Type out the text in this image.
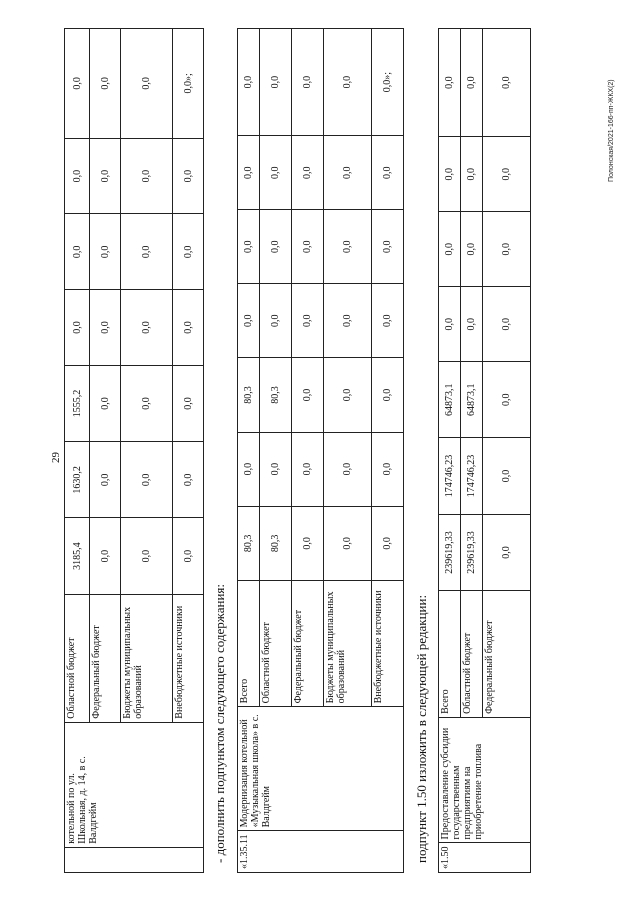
Полонская/2021-166-пп-ЖКХ(2)
29
	котельной по ул. Школьная, д. 14, в с. Валдгейм	Областной бюджет	3185,4	1630,2	1555,2	0,0	0,0	0,0	0,0
		Федеральный бюджет	0,0	0,0	0,0	0,0	0,0	0,0	0,0
		Бюджеты муниципальных образований	0,0	0,0	0,0	0,0	0,0	0,0	0,0
		Внебюджетные источники	0,0	0,0	0,0	0,0	0,0	0,0	0,0»;
- дополнить подпунктом следующего содержания: «1.35.11	Модернизация котельной «Музыкальная школа» в с. Валдгейм	Всего	80,3	0,0	80,3	0,0	0,0	0,0	0,0
		Областной бюджет	80,3	0,0	80,3	0,0	0,0	0,0	0,0
		Федеральный бюджет	0,0	0,0	0,0	0,0	0,0	0,0	0,0
		Бюджеты муниципальных образований	0,0	0,0	0,0	0,0	0,0	0,0	0,0
		Внебюджетные источники	0,0	0,0	0,0	0,0	0,0	0,0	0,0»;
подпункт 1.50 изложить в следующей редакции: «1.50	Предоставление субсидии государственным предприятиям на приобретение топлива	Всего	239619,33	174746,23	64873,1	0,0	0,0	0,0	0,0
		Областной бюджет	239619,33	174746,23	64873,1	0,0	0,0	0,0	0,0
		Федеральный бюджет	0,0	0,0	0,0	0,0	0,0	0,0	0,0
